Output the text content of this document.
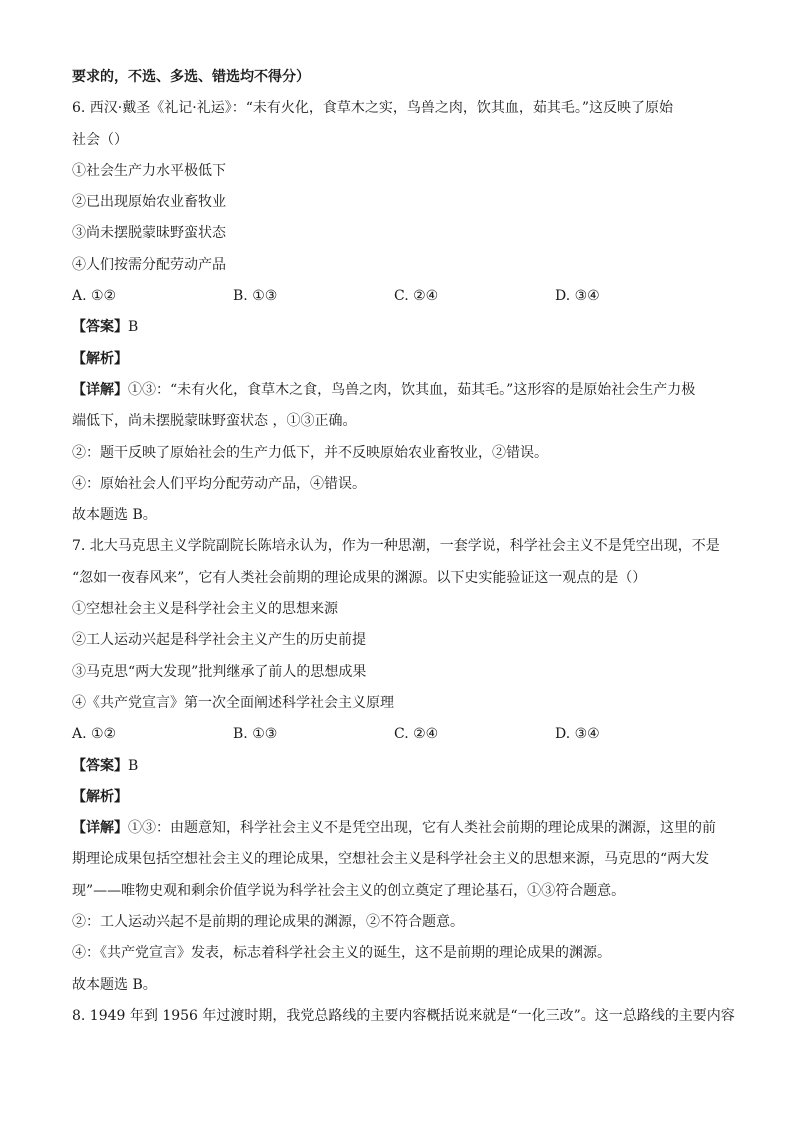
要求的，不选、多选、错选均不得分）
6. 西汉·戴圣《礼记·礼运》：“未有火化，食草木之实，鸟兽之肉，饮其血，茹其毛。”这反映了原始
社会（）
①社会生产力水平极低下
②已出现原始农业畜牧业
③尚未摆脱蒙昧野蛮状态
④人们按需分配劳动产品
A. ①②	B. ①③	C. ②④	D. ③④
【答案】B
【解析】
【详解】①③：“未有火化，食草木之食，鸟兽之肉，饮其血，茹其毛。”这形容的是原始社会生产力极
端低下，尚未摆脱蒙昧野蛮状态 ，①③正确。
②：题干反映了原始社会的生产力低下，并不反映原始农业畜牧业，②错误。
④：原始社会人们平均分配劳动产品，④错误。
故本题选 B。
7. 北大马克思主义学院副院长陈培永认为，作为一种思潮，一套学说，科学社会主义不是凭空出现，不是
“忽如一夜春风来”，它有人类社会前期的理论成果的渊源。以下史实能验证这一观点的是（）
①空想社会主义是科学社会主义的思想来源
②工人运动兴起是科学社会主义产生的历史前提
③马克思“两大发现”批判继承了前人的思想成果
④《共产党宣言》第一次全面阐述科学社会主义原理
A. ①②	B. ①③	C. ②④	D. ③④
【答案】B
【解析】
【详解】①③：由题意知，科学社会主义不是凭空出现，它有人类社会前期的理论成果的渊源，这里的前
期理论成果包括空想社会主义的理论成果，空想社会主义是科学社会主义的思想来源，马克思的“两大发
现”——唯物史观和剩余价值学说为科学社会主义的创立奠定了理论基石，①③符合题意。
②：工人运动兴起不是前期的理论成果的渊源，②不符合题意。
④：《共产党宣言》发表，标志着科学社会主义的诞生，这不是前期的理论成果的渊源。
故本题选 B。
8. 1949 年到 1956 年过渡时期，我党总路线的主要内容概括说来就是“一化三改”。这一总路线的主要内容
